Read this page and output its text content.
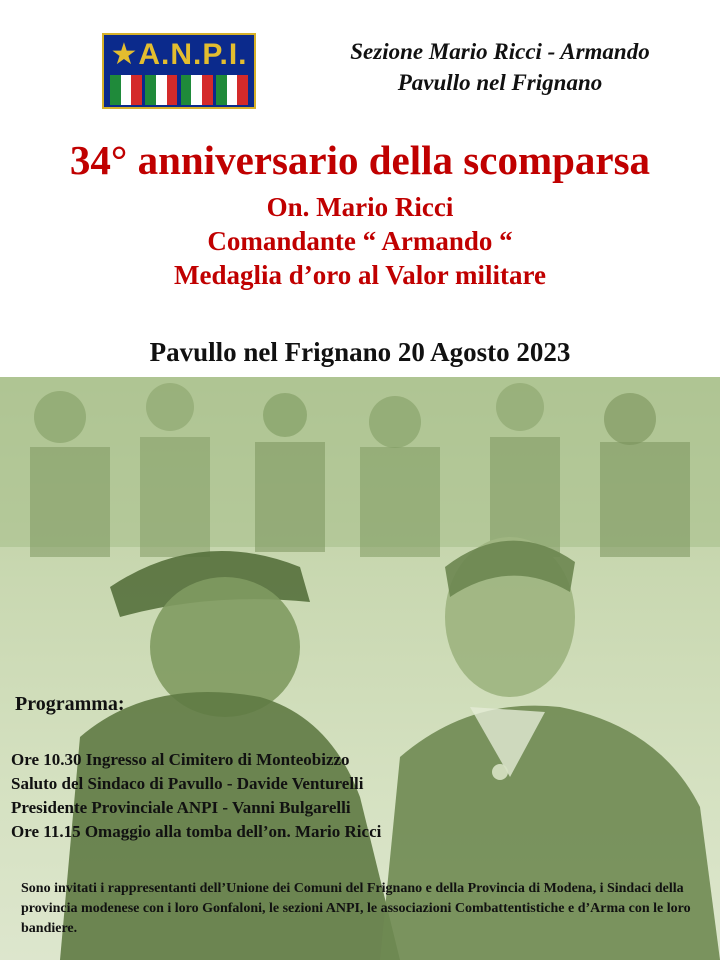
★A.N.P.I.	Sezione Mario Ricci - Armando
Pavullo nel Frignano
34° anniversario della scomparsa
On. Mario Ricci
Comandante “ Armando “
Medaglia d’oro al Valor militare
Pavullo nel Frignano 20 Agosto 2023
Programma:
Ore 10.30 Ingresso al Cimitero di Monteobizzo
Saluto del Sindaco di Pavullo - Davide Venturelli
Presidente Provinciale ANPI - Vanni Bulgarelli
Ore 11.15 Omaggio alla tomba dell’on. Mario Ricci
Sono invitati i rappresentanti dell’Unione dei Comuni del Frignano e della Provincia di Modena, i Sindaci della provincia modenese con i loro Gonfaloni, le sezioni ANPI, le associazioni Combattentistiche e d’Arma con le loro bandiere.
